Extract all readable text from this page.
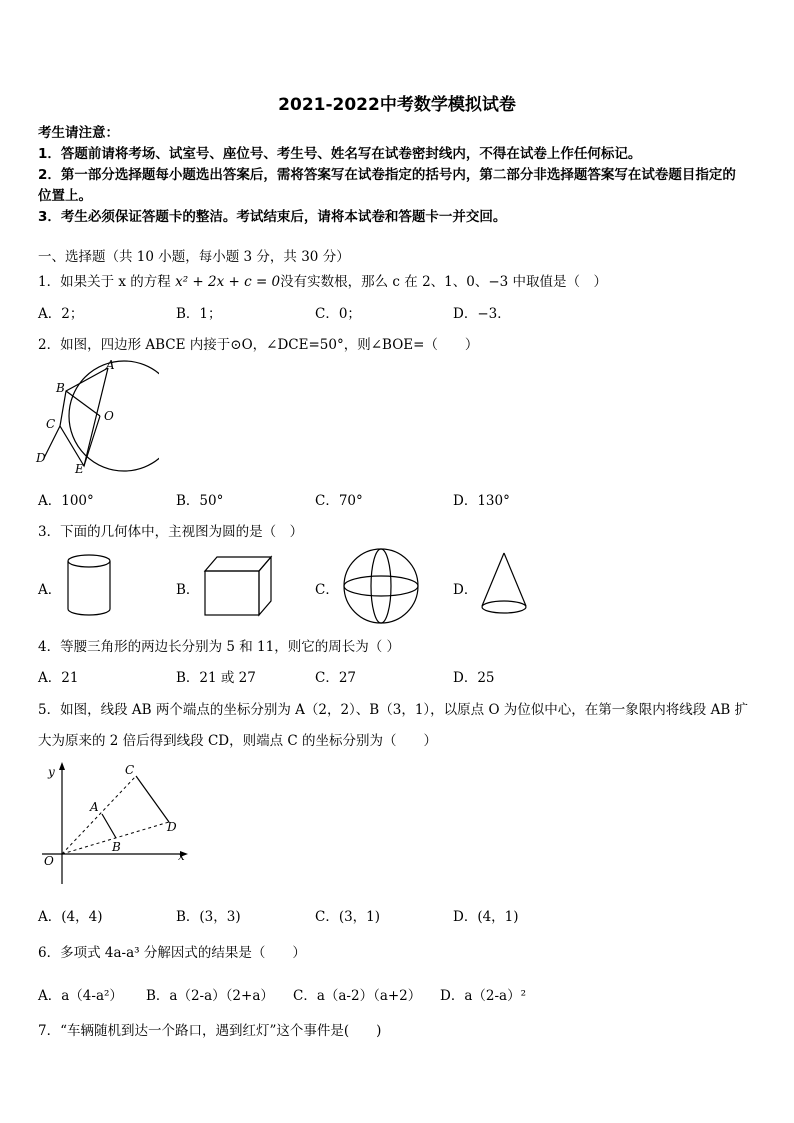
2021-2022中考数学模拟试卷
考生请注意：
1．答题前请将考场、试室号、座位号、考生号、姓名写在试卷密封线内，不得在试卷上作任何标记。
2．第一部分选择题每小题选出答案后，需将答案写在试卷指定的括号内，第二部分非选择题答案写在试卷题目指定的
位置上。
3．考生必须保证答题卡的整洁。考试结束后，请将本试卷和答题卡一并交回。
一、选择题（共 10 小题，每小题 3 分，共 30 分）
1．如果关于 x 的方程 x² + 2x + c = 0没有实数根，那么 c 在 2、1、0、−3 中取值是（　）
A．2；	B．1；	C．0；	D．−3．
2．如图，四边形 ABCE 内接于⊙O，∠DCE=50°，则∠BOE=（　　）
A
B
O
C
D
E
A．100°	B．50°	C．70°	D．130°
3．下面的几何体中，主视图为圆的是（　）
A．	B．	C．	D．
4．等腰三角形的两边长分别为 5 和 11，则它的周长为（ ）
A．21	B．21 或 27	C．27	D．25
5．如图，线段 AB 两个端点的坐标分别为 A（2，2）、B（3，1），以原点 O 为位似中心，在第一象限内将线段 AB 扩
大为原来的 2 倍后得到线段 CD，则端点 C 的坐标分别为（　　）
y	C
A
D
B
O	x
A．(4，4)	B．(3，3)	C．(3，1)	D．(4，1)
6．多项式 4a-a³ 分解因式的结果是（　　）
A．a（4-a²） B．a（2-a）（2+a） C．a（a-2）（a+2） D．a（2-a）²
7．“车辆随机到达一个路口，遇到红灯”这个事件是(　　)
